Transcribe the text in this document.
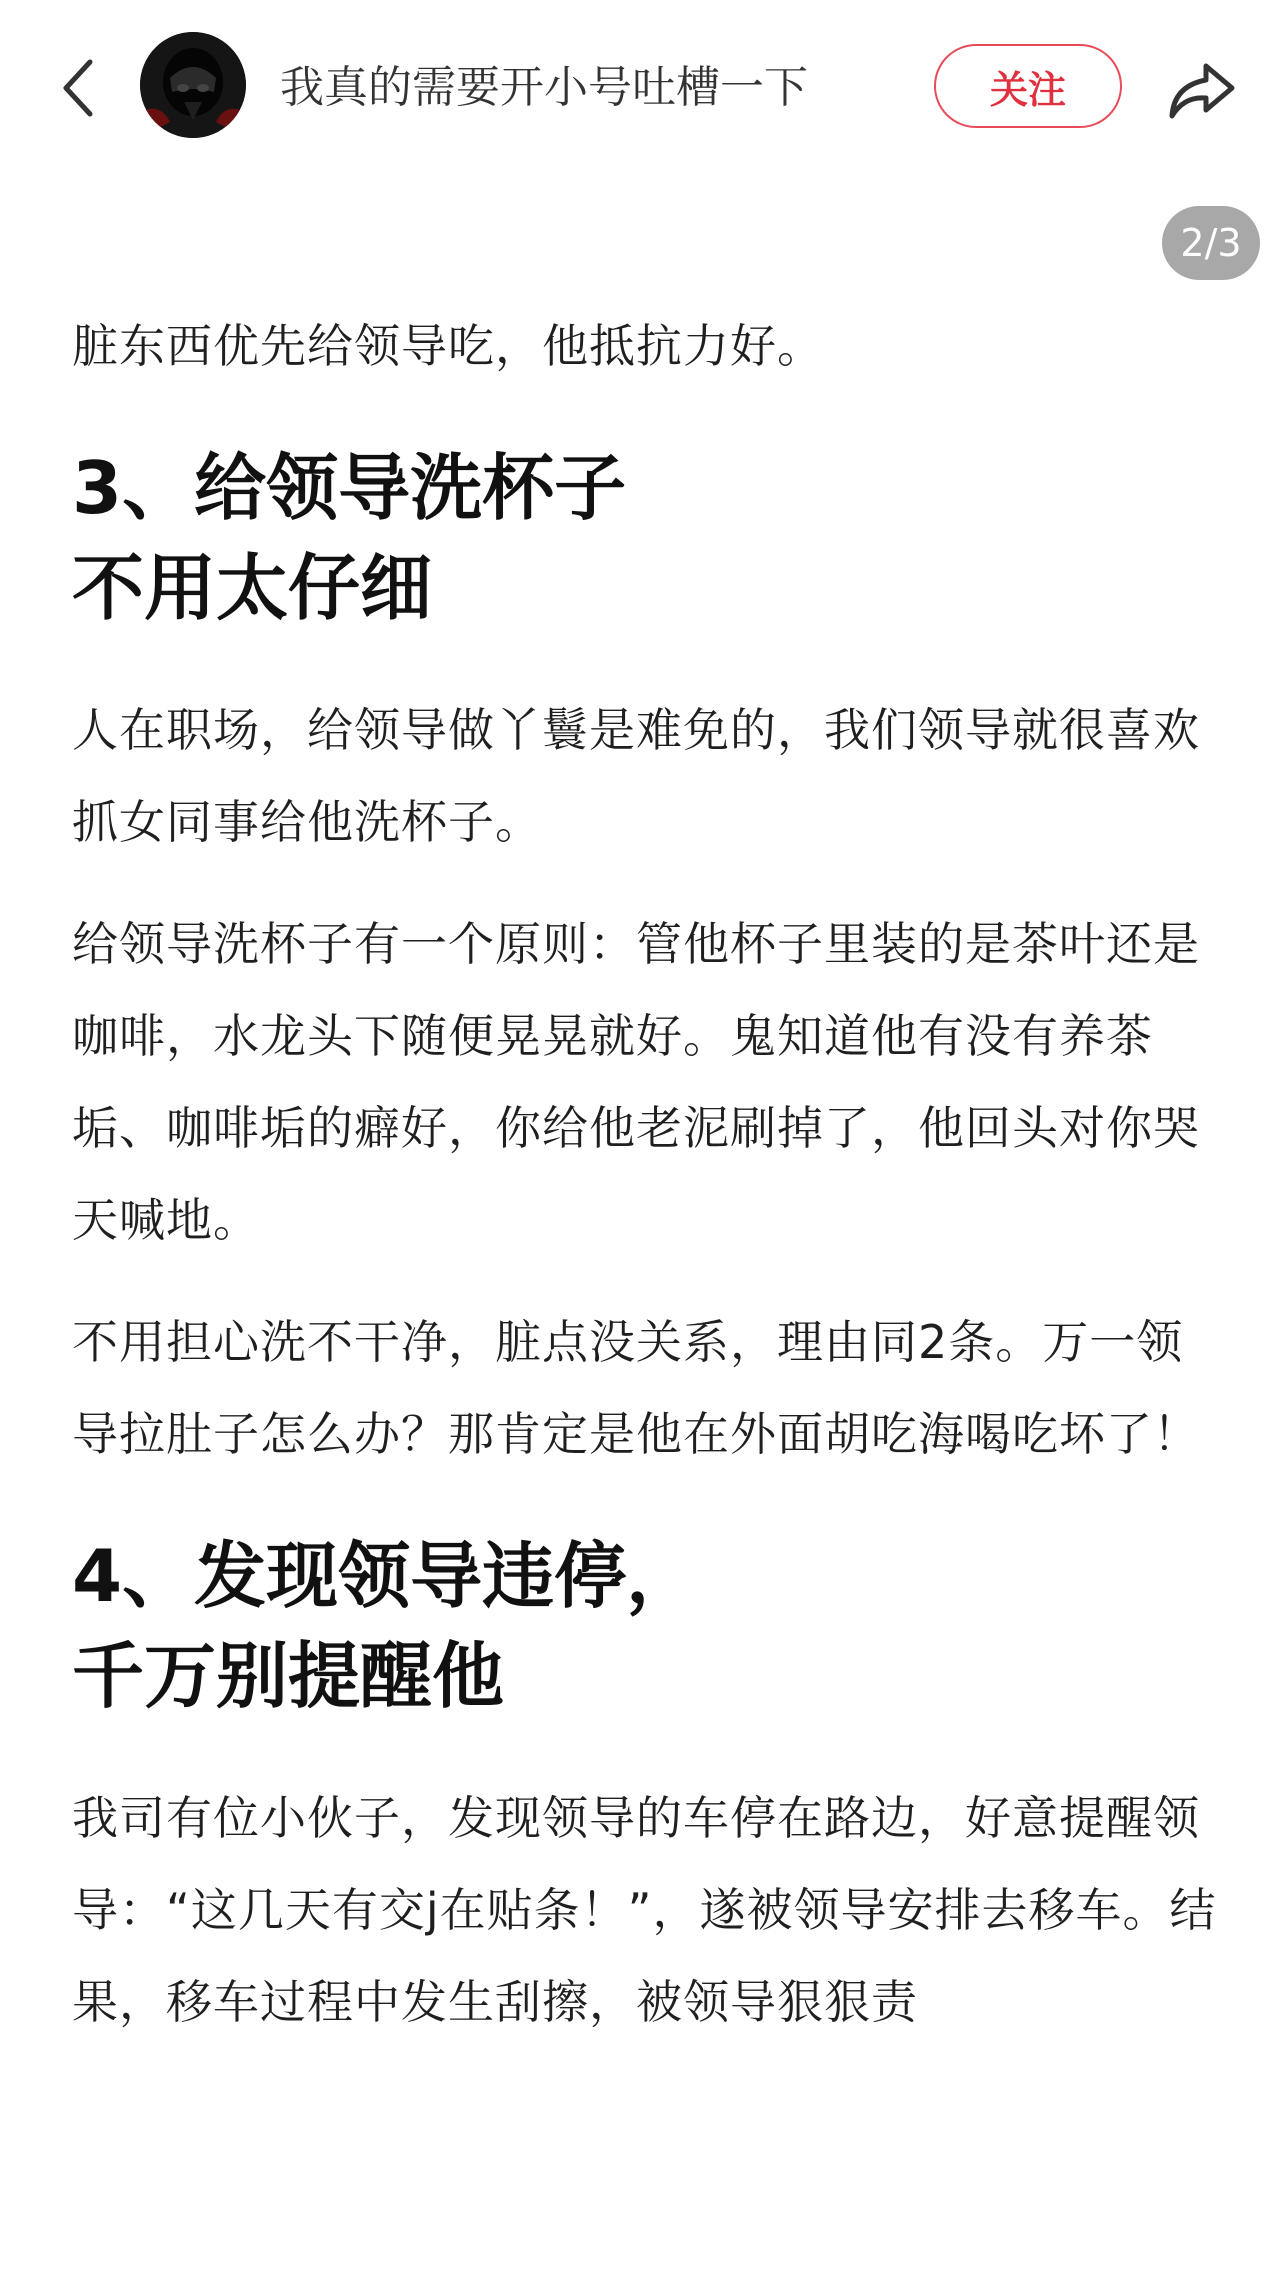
我真的需要开小号吐槽一下	关注
2/3

脏东西优先给领导吃，他抵抗力好。

3、给领导洗杯子

不用太仔细

人在职场，给领导做丫鬟是难免的，我们领导就很喜欢抓女同事给他洗杯子。

给领导洗杯子有一个原则：管他杯子里装的是茶叶还是咖啡，水龙头下随便晃晃就好。鬼知道他有没有养茶垢、咖啡垢的癖好，你给他老泥刷掉了，他回头对你哭天喊地。

不用担心洗不干净，脏点没关系，理由同2条。万一领导拉肚子怎么办？那肯定是他在外面胡吃海喝吃坏了！

4、发现领导违停，

千万别提醒他

我司有位小伙子，发现领导的车停在路边，好意提醒领导：“这几天有交j在贴条！”，遂被领导安排去移车。结果，移车过程中发生刮擦，被领导狠狠责
